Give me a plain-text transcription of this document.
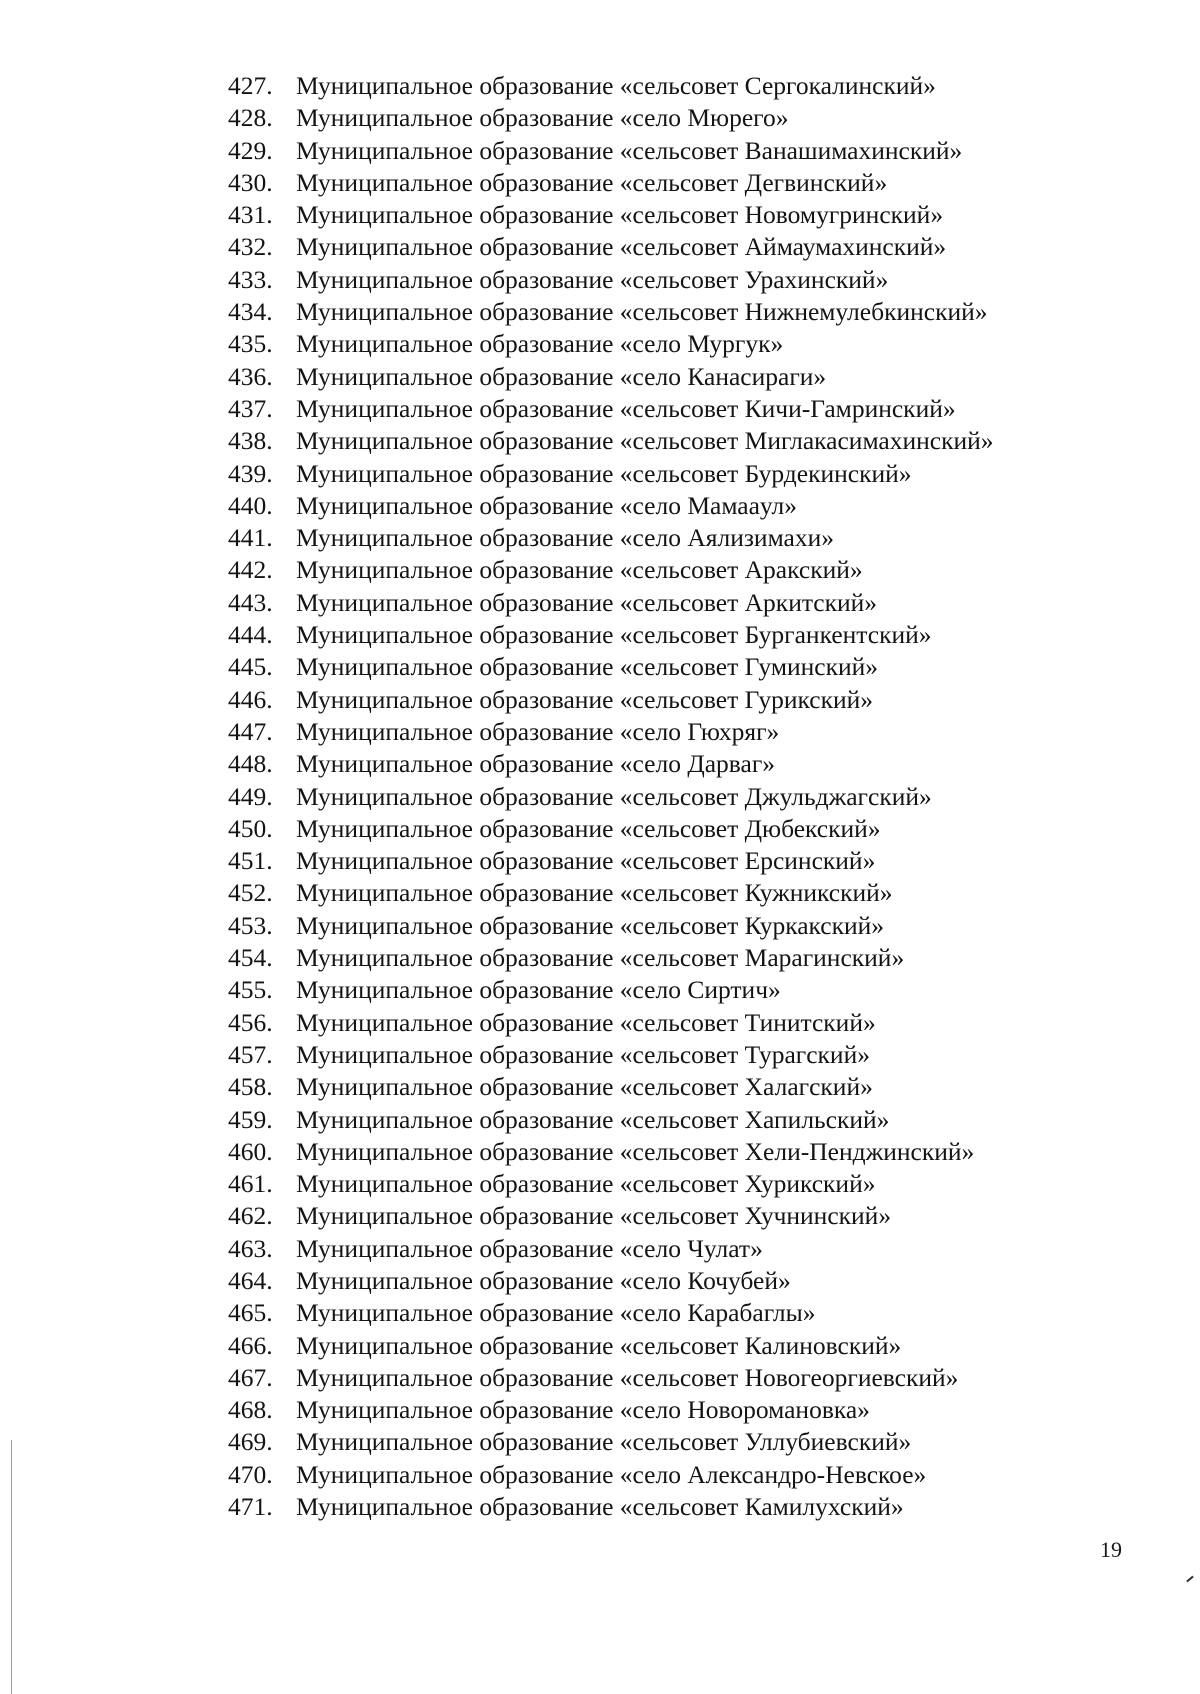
427. Муниципальное образование «сельсовет Сергокалинский»
428. Муниципальное образование «село Мюрего»
429. Муниципальное образование «сельсовет Ванашимахинский»
430. Муниципальное образование «сельсовет Дегвинский»
431. Муниципальное образование «сельсовет Новомугринский»
432. Муниципальное образование «сельсовет Аймаумахинский»
433. Муниципальное образование «сельсовет Урахинский»
434. Муниципальное образование «сельсовет Нижнемулебкинский»
435. Муниципальное образование «село Мургук»
436. Муниципальное образование «село Канасираги»
437. Муниципальное образование «сельсовет Кичи-Гамринский»
438. Муниципальное образование «сельсовет Миглакасимахинский»
439. Муниципальное образование «сельсовет Бурдекинский»
440. Муниципальное образование «село Мамаaул»
441. Муниципальное образование «село Аялизимахи»
442. Муниципальное образование «сельсовет Аракский»
443. Муниципальное образование «сельсовет Аркитский»
444. Муниципальное образование «сельсовет Бурганкентский»
445. Муниципальное образование «сельсовет Гуминский»
446. Муниципальное образование «сельсовет Гурикский»
447. Муниципальное образование «село Гюхряг»
448. Муниципальное образование «село Дарваг»
449. Муниципальное образование «сельсовет Джульджагский»
450. Муниципальное образование «сельсовет Дюбекский»
451. Муниципальное образование «сельсовет Ерсинский»
452. Муниципальное образование «сельсовет Кужникский»
453. Муниципальное образование «сельсовет Куркакский»
454. Муниципальное образование «сельсовет Марагинский»
455. Муниципальное образование «село Сиртич»
456. Муниципальное образование «сельсовет Тинитский»
457. Муниципальное образование «сельсовет Турагский»
458. Муниципальное образование «сельсовет Халагский»
459. Муниципальное образование «сельсовет Хапильский»
460. Муниципальное образование «сельсовет Хели-Пенджинский»
461. Муниципальное образование «сельсовет Хурикский»
462. Муниципальное образование «сельсовет Хучнинский»
463. Муниципальное образование «село Чулат»
464. Муниципальное образование «село Кочубей»
465. Муниципальное образование «село Карабаглы»
466. Муниципальное образование «сельсовет Калиновский»
467. Муниципальное образование «сельсовет Новогеоргиевский»
468. Муниципальное образование «село Новоромановка»
469. Муниципальное образование «сельсовет Уллубиевский»
470. Муниципальное образование «село Александро-Невское»
471. Муниципальное образование «сельсовет Камилухский»
19
